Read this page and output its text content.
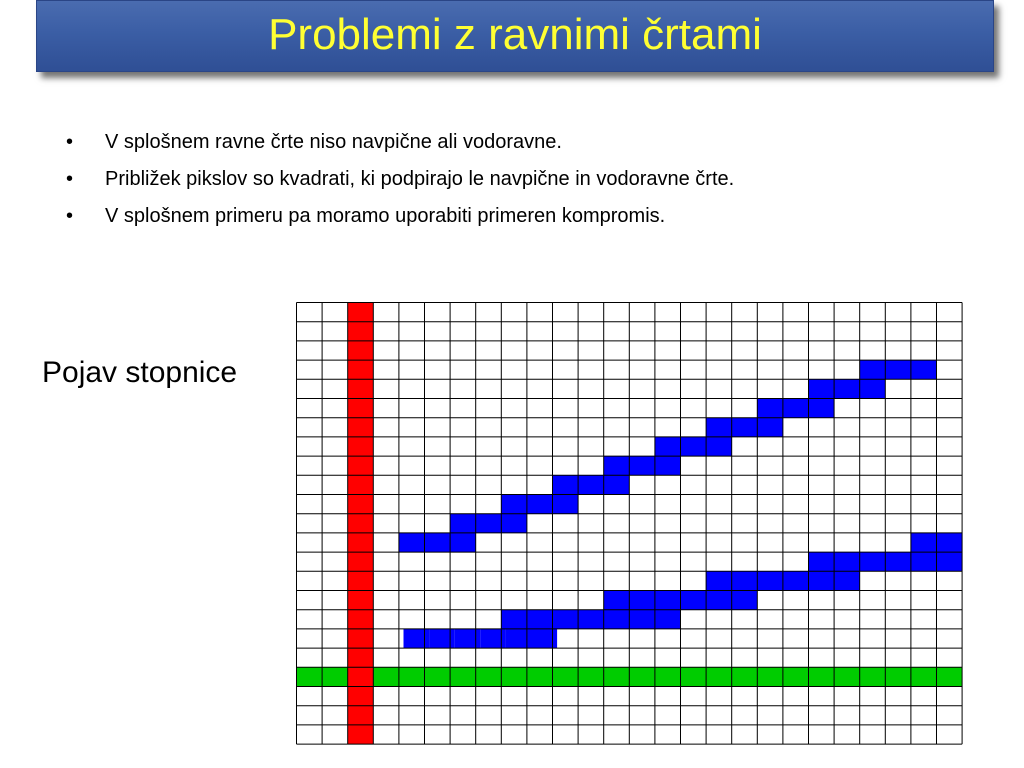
Problemi z ravnimi črtami
• V splošnem ravne črte niso navpične ali vodoravne.
• Približek pikslov so kvadrati, ki podpirajo le navpične in vodoravne črte.
• V splošnem primeru pa moramo uporabiti primeren kompromis.
Pojav stopnice
